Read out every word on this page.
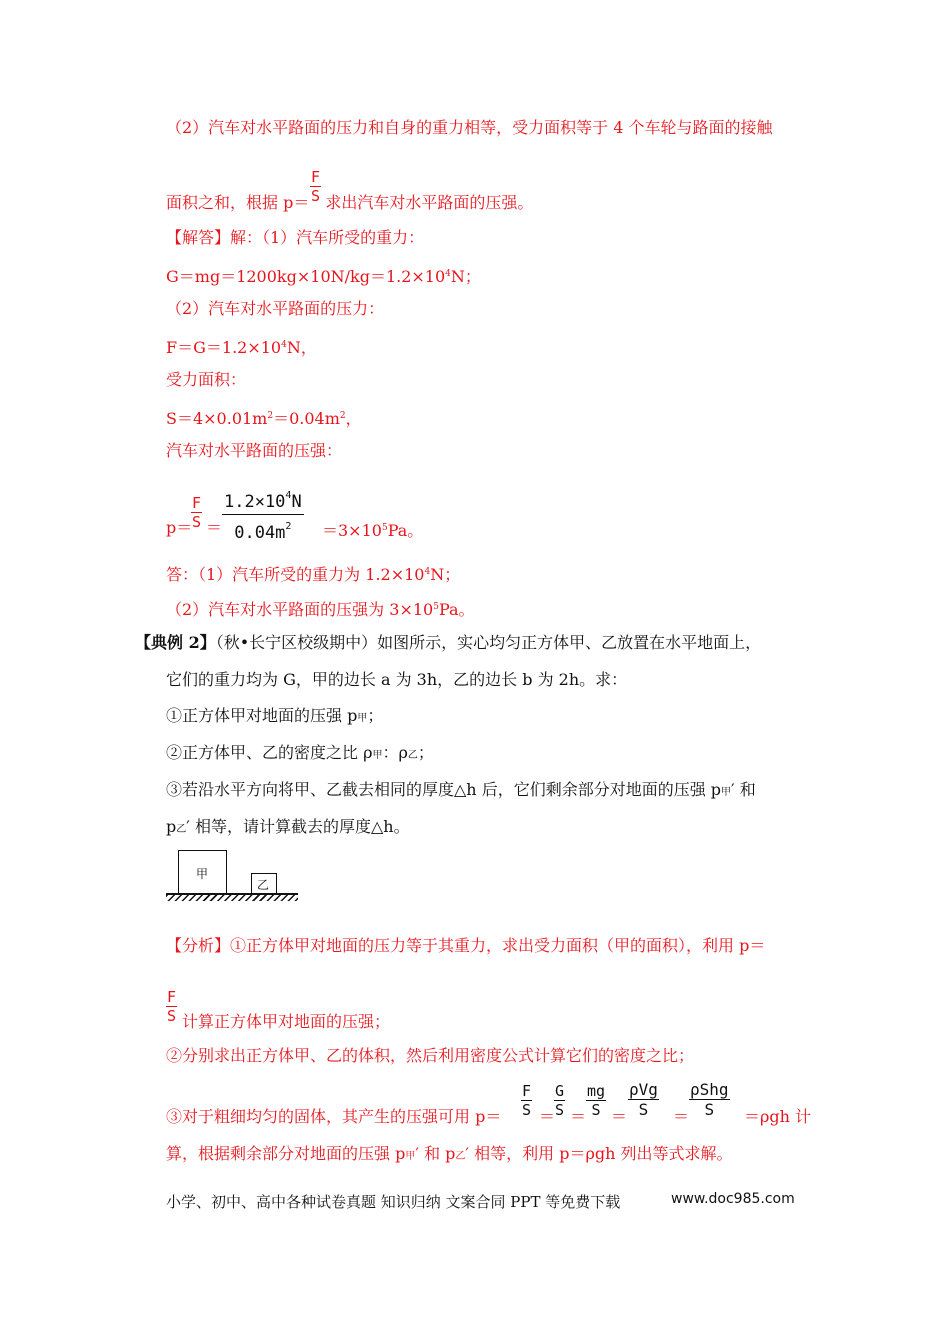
（2）汽车对水平路面的压力和自身的重力相等，受力面积等于 4 个车轮与路面的接触
$\frac{F}{S}$
面积之和，根据 p＝ 求出汽车对水平路面的压强。
【解答】解：（1）汽车所受的重力：
$G=mg=1200kg\times 10N/kg=1.2\times 10^4N$；
（2）汽车对水平路面的压力：
$F=G=1.2\times 10^4N$，
受力面积：
$S=4\times 0.01m^2=0.04m^2$，
汽车对水平路面的压强：
$\frac{F}{S} \frac{1.2\times 10^4N}{0.04m^2}$
p＝ ＝	$=3\times 10^5Pa$。
答：（1）汽车所受的重力为 $1.2\times 10^4N$；
（2）汽车对水平路面的压强为 $3\times 10^5Pa$。
【典例 2】（秋•长宁区校级期中）如图所示，实心均匀正方体甲、乙放置在水平地面上，
它们的重力均为 G，甲的边长 a 为 3h，乙的边长 b 为 2h。求：
①正方体甲对地面的压强 p甲；
②正方体甲、乙的密度之比 ρ甲：ρ乙；
③若沿水平方向将甲、乙截去相同的厚度△h 后，它们剩余部分对地面的压强 p甲′ 和
p乙′ 相等，请计算截去的厚度△h。
甲
乙
【分析】①正方体甲对地面的压力等于其重力，求出受力面积（甲的面积），利用 p＝
$\frac{F}{S}$ 计算正方体甲对地面的压强；
②分别求出正方体甲、乙的体积，然后利用密度公式计算它们的密度之比；
$\frac{F}{S} \frac{G}{S} \frac{mg}{S}$ ρVg
S
ρShg
S
③对于粗细均匀的固体，其产生的压强可用 p＝ ＝ ＝ ＝	＝	＝ρgh 计
算，根据剩余部分对地面的压强 p甲′ 和 p乙′ 相等，利用 p＝ρgh 列出等式求解。
小学、初中、高中各种试卷真题 知识归纳 文案合同 PPT 等免费下载	www.doc985.com
